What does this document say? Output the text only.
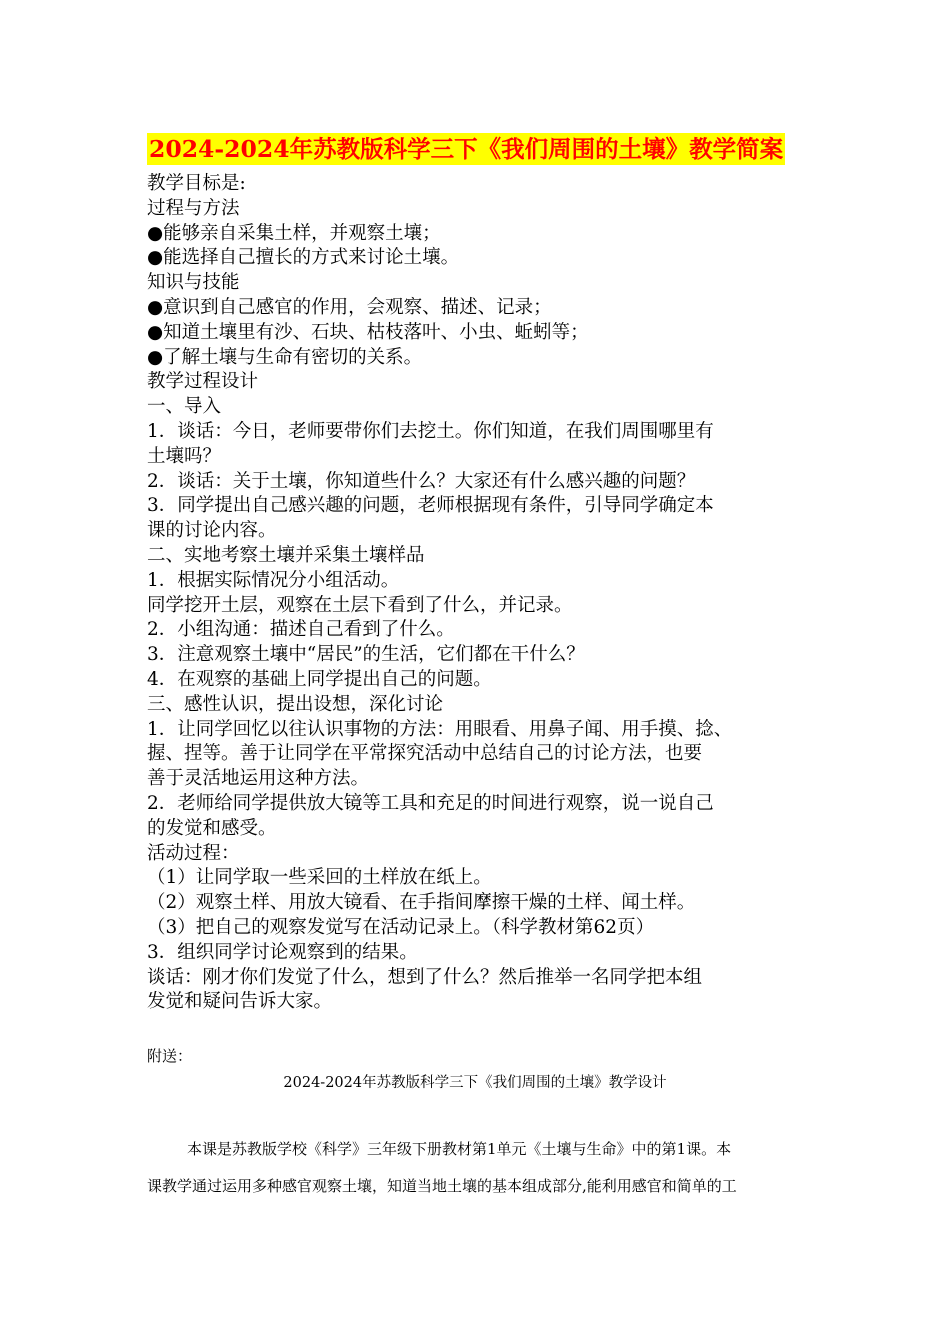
2024-2024年苏教版科学三下《我们周围的土壤》教学简案
教学目标是:
过程与方法
●能够亲自采集土样，并观察土壤；
●能选择自己擅长的方式来讨论土壤。
知识与技能
●意识到自己感官的作用，会观察、描述、记录；
●知道土壤里有沙、石块、枯枝落叶、小虫、蚯蚓等；
●了解土壤与生命有密切的关系。
教学过程设计
一、导入
1．谈话：今日，老师要带你们去挖土。你们知道，在我们周围哪里有
土壤吗？
2．谈话：关于土壤，你知道些什么？大家还有什么感兴趣的问题？
3．同学提出自己感兴趣的问题，老师根据现有条件，引导同学确定本
课的讨论内容。
二、实地考察土壤并采集土壤样品
1．根据实际情况分小组活动。
同学挖开土层，观察在土层下看到了什么，并记录。
2．小组沟通：描述自己看到了什么。
3．注意观察土壤中“居民”的生活，它们都在干什么？
4．在观察的基础上同学提出自己的问题。
三、感性认识，提出设想，深化讨论
1．让同学回忆以往认识事物的方法：用眼看、用鼻子闻、用手摸、捻、
握、捏等。善于让同学在平常探究活动中总结自己的讨论方法，也要
善于灵活地运用这种方法。
2．老师给同学提供放大镜等工具和充足的时间进行观察，说一说自己
的发觉和感受。
活动过程：
（1）让同学取一些采回的土样放在纸上。
（2）观察土样、用放大镜看、在手指间摩擦干燥的土样、闻土样。
（3）把自己的观察发觉写在活动记录上。（科学教材第62页）
3．组织同学讨论观察到的结果。
谈话：刚才你们发觉了什么，想到了什么？然后推举一名同学把本组
发觉和疑问告诉大家。
附送：
2024-2024年苏教版科学三下《我们周围的土壤》教学设计
本课是苏教版学校《科学》三年级下册教材第1单元《土壤与生命》中的第1课。本
课教学通过运用多种感官观察土壤，知道当地土壤的基本组成部分,能利用感官和简单的工
